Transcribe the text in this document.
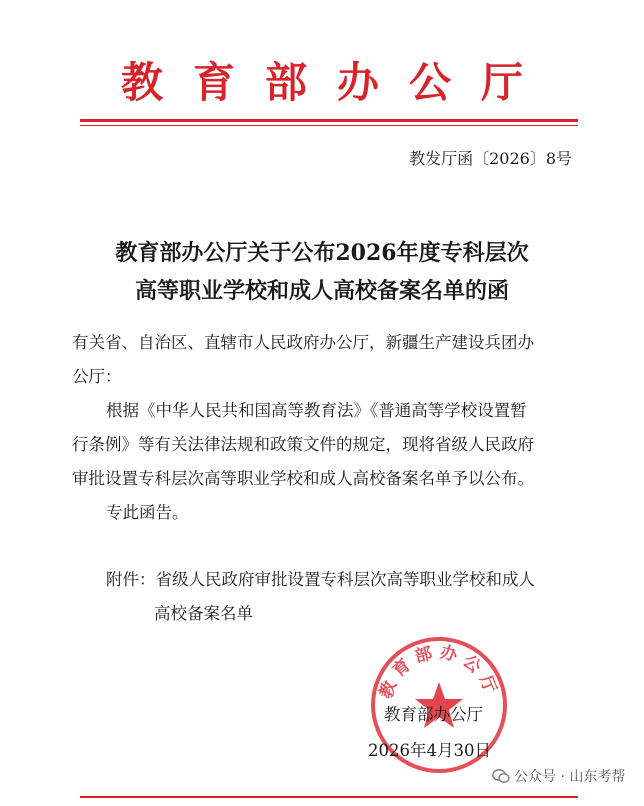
教育部办公厅
教发厅函〔2026〕8号
教育部办公厅关于公布2026年度专科层次
高等职业学校和成人高校备案名单的函
有关省、自治区、直辖市人民政府办公厅，新疆生产建设兵团办
公厅：
根据《中华人民共和国高等教育法》《普通高等学校设置暂
行条例》等有关法律法规和政策文件的规定，现将省级人民政府
审批设置专科层次高等职业学校和成人高校备案名单予以公布。
专此函告。
附件：省级人民政府审批设置专科层次高等职业学校和成人
高校备案名单
教育部办公厅
教育部办公厅
2026年4月30日
公众号 · 山东考帮
